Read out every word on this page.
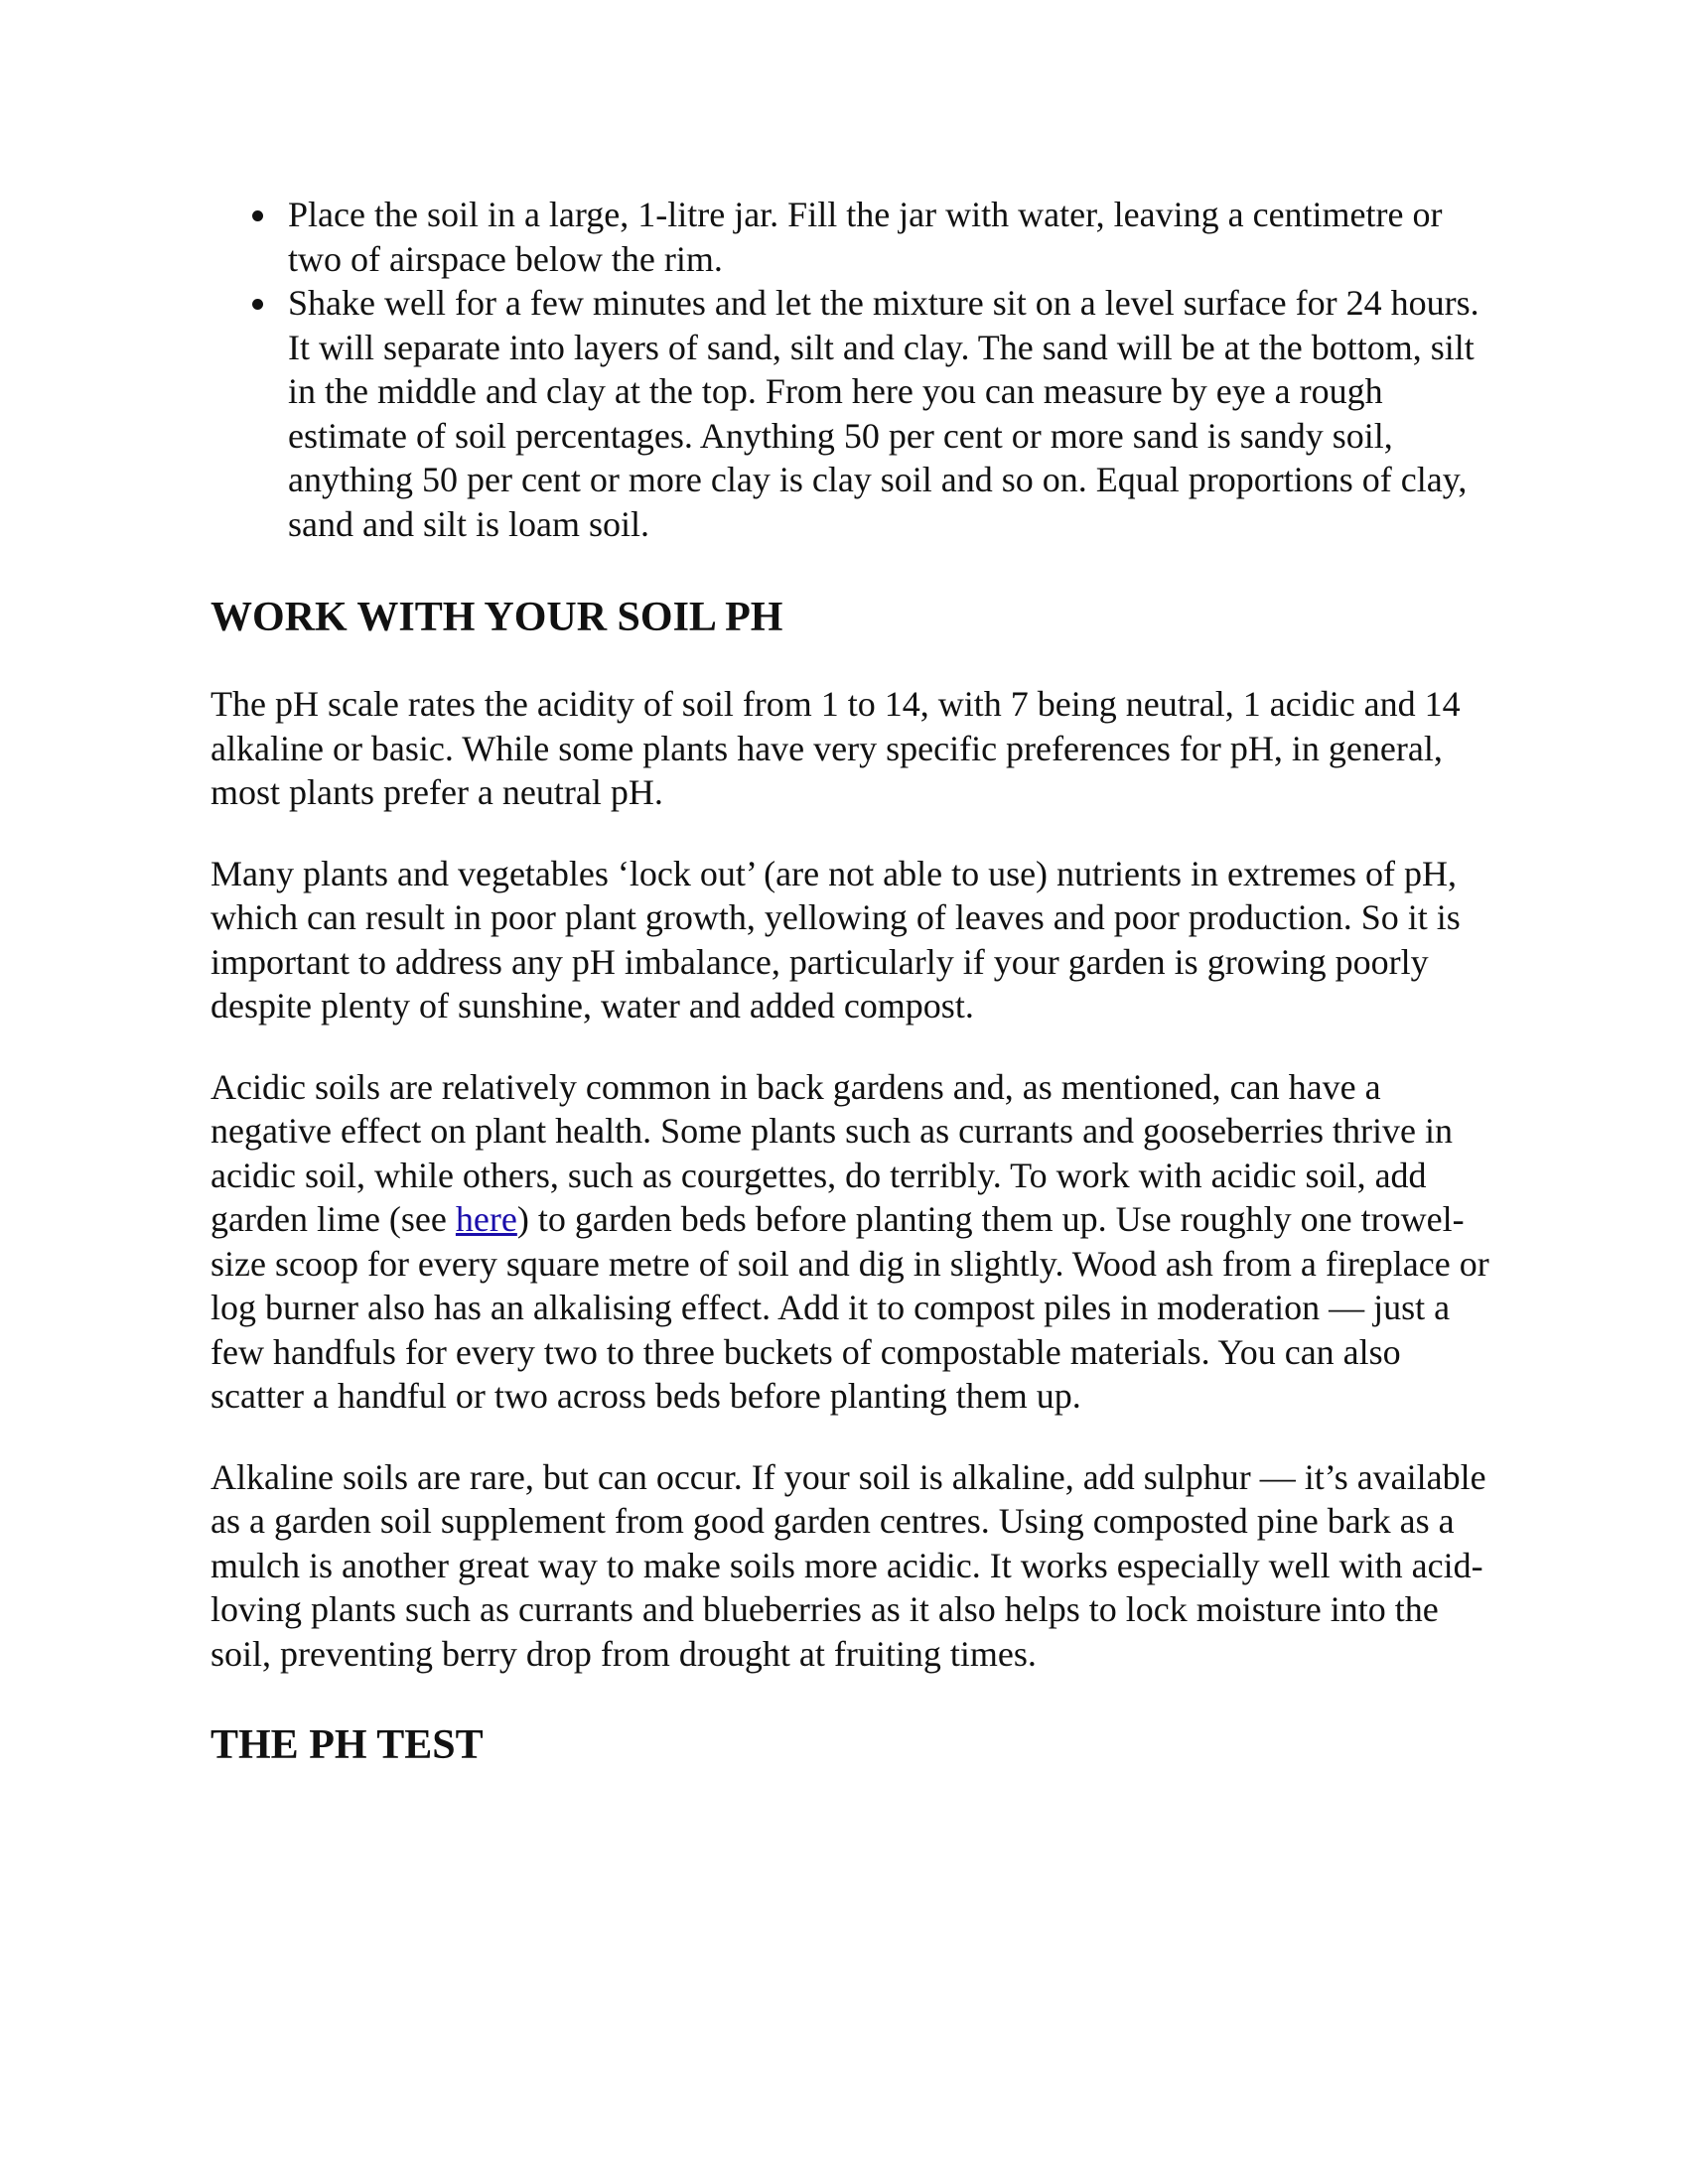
Place the soil in a large, 1-litre jar. Fill the jar with water, leaving a centimetre or two of airspace below the rim.
Shake well for a few minutes and let the mixture sit on a level surface for 24 hours. It will separate into layers of sand, silt and clay. The sand will be at the bottom, silt in the middle and clay at the top. From here you can measure by eye a rough estimate of soil percentages. Anything 50 per cent or more sand is sandy soil, anything 50 per cent or more clay is clay soil and so on. Equal proportions of clay, sand and silt is loam soil.
WORK WITH YOUR SOIL PH

The pH scale rates the acidity of soil from 1 to 14, with 7 being neutral, 1 acidic and 14 alkaline or basic. While some plants have very specific preferences for pH, in general, most plants prefer a neutral pH.

Many plants and vegetables ‘lock out’ (are not able to use) nutrients in extremes of pH, which can result in poor plant growth, yellowing of leaves and poor production. So it is important to address any pH imbalance, particularly if your garden is growing poorly despite plenty of sunshine, water and added compost.

Acidic soils are relatively common in back gardens and, as mentioned, can have a negative effect on plant health. Some plants such as currants and gooseberries thrive in acidic soil, while others, such as courgettes, do terribly. To work with acidic soil, add garden lime (see here) to garden beds before planting them up. Use roughly one trowel-size scoop for every square metre of soil and dig in slightly. Wood ash from a fireplace or log burner also has an alkalising effect. Add it to compost piles in moderation — just a few handfuls for every two to three buckets of compostable materials. You can also scatter a handful or two across beds before planting them up.

Alkaline soils are rare, but can occur. If your soil is alkaline, add sulphur — it’s available as a garden soil supplement from good garden centres. Using composted pine bark as a mulch is another great way to make soils more acidic. It works especially well with acid-loving plants such as currants and blueberries as it also helps to lock moisture into the soil, preventing berry drop from drought at fruiting times.

THE PH TEST
